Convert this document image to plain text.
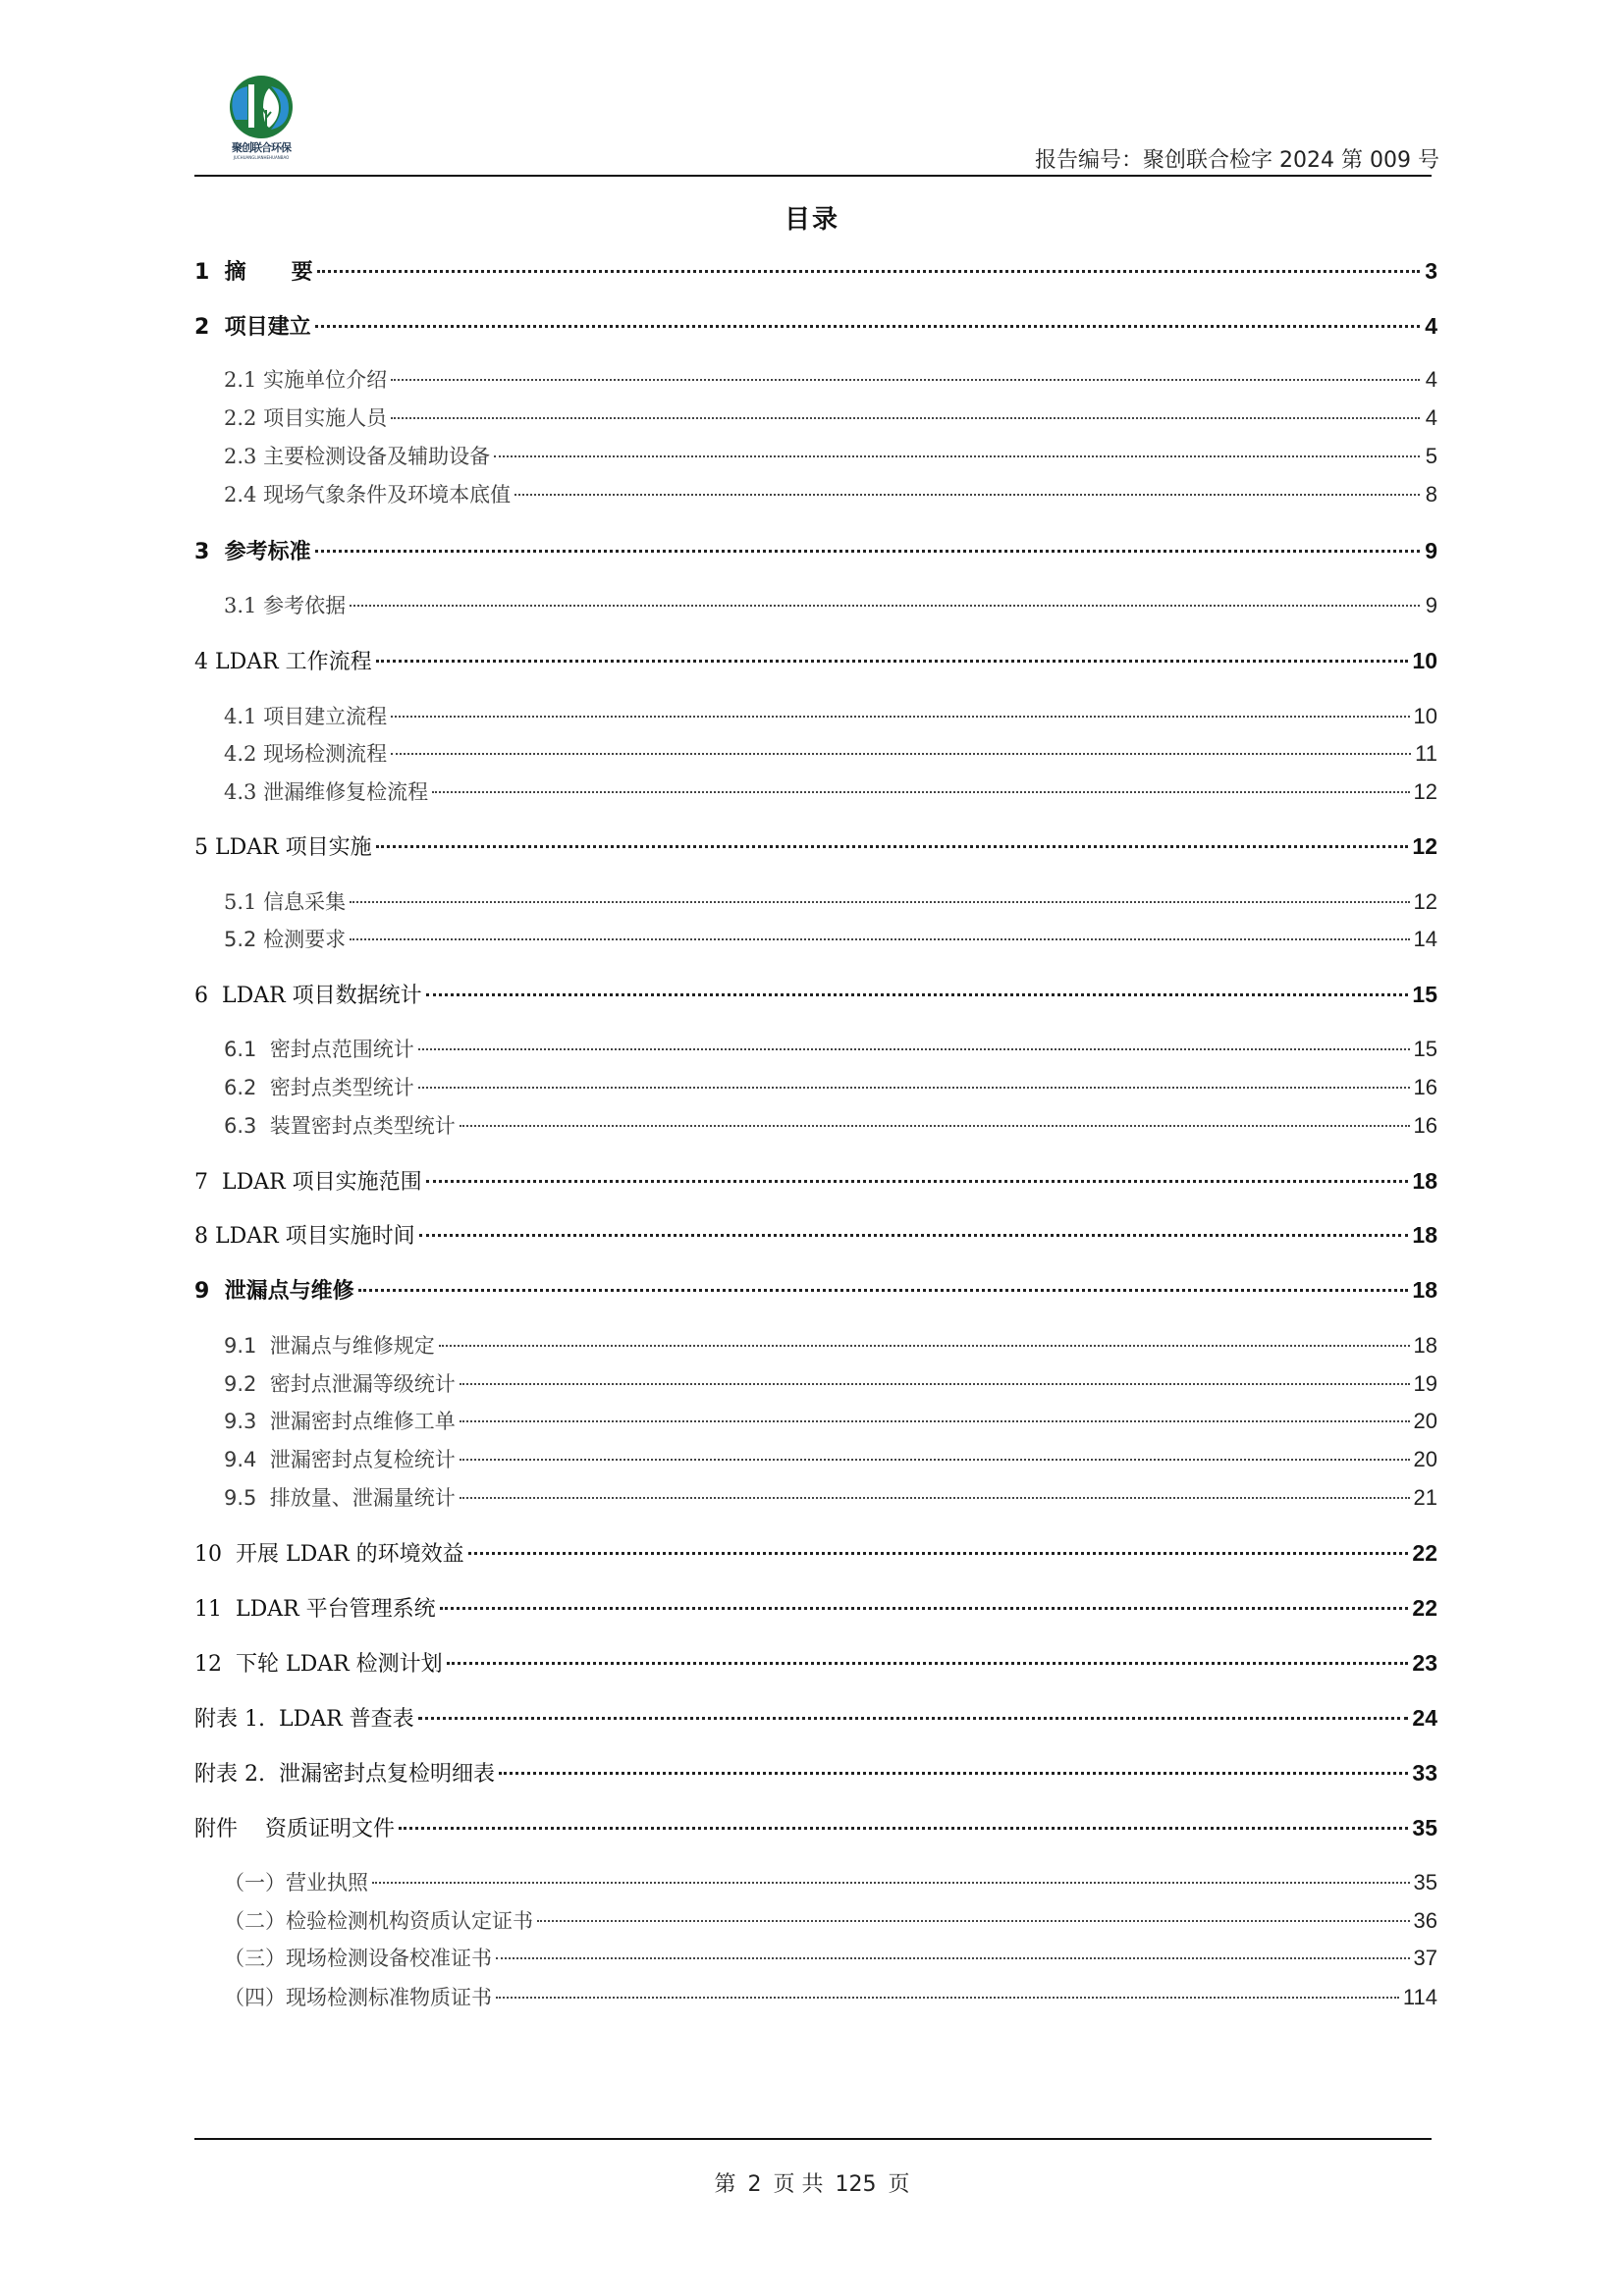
聚创联合环保
JUCHUANGLIANHEHUANBAO	报告编号：聚创联合检字 2024 第 009 号
目录
1  摘      要	3
2  项目建立	4
2.1 实施单位介绍	4
2.2 项目实施人员	4
2.3 主要检测设备及辅助设备	5
2.4 现场气象条件及环境本底值	8
3  参考标准	9
3.1 参考依据	9
4 LDAR 工作流程	10
4.1 项目建立流程	10
4.2 现场检测流程	11
4.3 泄漏维修复检流程	12
5 LDAR 项目实施	12
5.1 信息采集	12
5.2 检测要求	14
6  LDAR 项目数据统计	15
6.1  密封点范围统计	15
6.2  密封点类型统计	16
6.3  装置密封点类型统计	16
7  LDAR 项目实施范围	18
8 LDAR 项目实施时间	18
9  泄漏点与维修	18
9.1  泄漏点与维修规定	18
9.2  密封点泄漏等级统计	19
9.3  泄漏密封点维修工单	20
9.4  泄漏密封点复检统计	20
9.5  排放量、泄漏量统计	21
10  开展 LDAR 的环境效益	22
11  LDAR 平台管理系统	22
12  下轮 LDAR 检测计划	23
附表 1.  LDAR 普查表	24
附表 2.  泄漏密封点复检明细表	33
附件    资质证明文件	35
（一）营业执照	35
（二）检验检测机构资质认定证书	36
（三）现场检测设备校准证书	37
（四）现场检测标准物质证书	114
第 2 页 共 125 页
